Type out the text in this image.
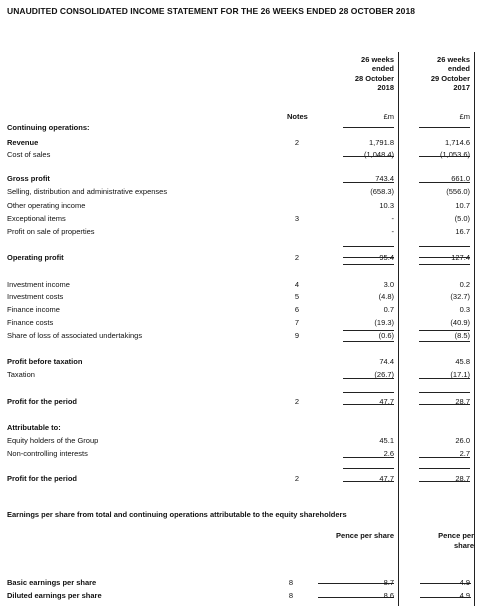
UNAUDITED CONSOLIDATED INCOME STATEMENT FOR THE 26 WEEKS ENDED 28 OCTOBER 2018
26 weeks
ended
28 October
2018
26 weeks
ended
29 October
2017
Notes	£m	£m
Continuing operations:
Revenue	2	1,791.8	1,714.6
Cost of sales	(1,048.4)	(1,053.6)
Gross profit	743.4	661.0
Selling, distribution and administrative expenses	(658.3)	(556.0)
Other operating income	10.3	10.7
Exceptional items	3	-	(5.0)
Profit on sale of properties	-	16.7
Operating profit	2	95.4	127.4
Investment income	4	3.0	0.2
Investment costs	5	(4.8)	(32.7)
Finance income	6	0.7	0.3
Finance costs	7	(19.3)	(40.9)
Share of loss of associated undertakings	9	(0.6)	(8.5)
Profit before taxation	74.4	45.8
Taxation	(26.7)	(17.1)
Profit for the period	2	47.7	28.7
Attributable to:
Equity holders of the Group	45.1	26.0
Non-controlling interests	2.6	2.7
Profit for the period	2	47.7	28.7
Earnings per share from total and continuing operations attributable to the equity shareholders
Pence per share	Pence per
share
Basic earnings per share	8	8.7	4.9
Diluted earnings per share	8	8.6	4.9
